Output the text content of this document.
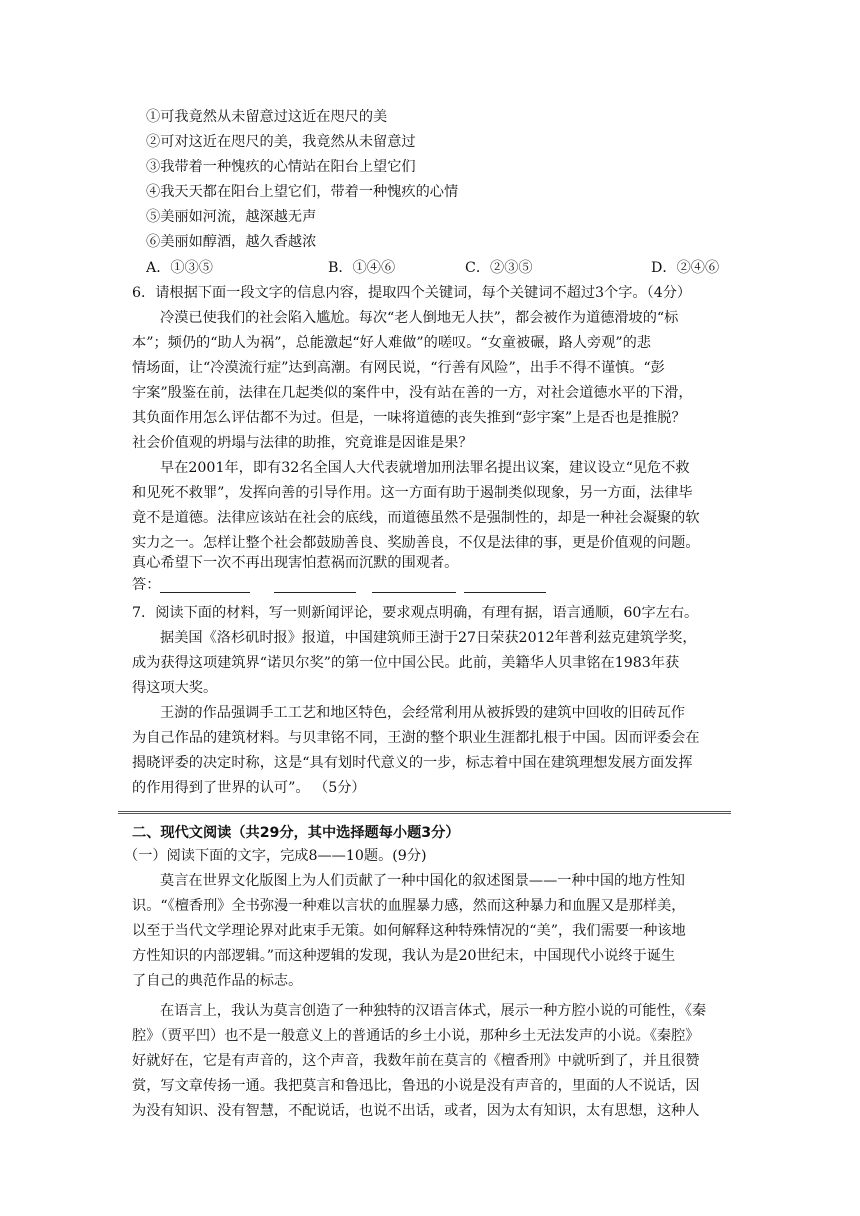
①可我竟然从未留意过这近在咫尺的美
②可对这近在咫尺的美，我竟然从未留意过
③我带着一种愧疚的心情站在阳台上望它们
④我天天都在阳台上望它们，带着一种愧疚的心情
⑤美丽如河流，越深越无声
⑥美丽如醇酒，越久香越浓
A．①③⑤	B．①④⑥	C．②③⑤	D．②④⑥
6．请根据下面一段文字的信息内容，提取四个关键词，每个关键词不超过3个字。（4分）
冷漠已使我们的社会陷入尴尬。每次“老人倒地无人扶”，都会被作为道德滑坡的“标
本”；频仍的“助人为祸”，总能激起“好人难做”的嗟叹。“女童被碾，路人旁观”的悲
情场面，让“冷漠流行症”达到高潮。有网民说，“行善有风险”，出手不得不谨慎。“彭
宇案”殷鉴在前，法律在几起类似的案件中，没有站在善的一方，对社会道德水平的下滑，
其负面作用怎么评估都不为过。但是，一味将道德的丧失推到“彭宇案”上是否也是推脱？
社会价值观的坍塌与法律的助推，究竟谁是因谁是果？
早在2001年，即有32名全国人大代表就增加刑法罪名提出议案，建议设立“见危不救
和见死不救罪”，发挥向善的引导作用。这一方面有助于遏制类似现象，另一方面，法律毕
竟不是道德。法律应该站在社会的底线，而道德虽然不是强制性的，却是一种社会凝聚的软
实力之一。怎样让整个社会都鼓励善良、奖励善良，不仅是法律的事，更是价值观的问题。
真心希望下一次不再出现害怕惹祸而沉默的围观者。
答：
7．阅读下面的材料，写一则新闻评论，要求观点明确，有理有据，语言通顺，60字左右。
据美国《洛杉矶时报》报道，中国建筑师王澍于27日荣获2012年普利兹克建筑学奖，
成为获得这项建筑界“诺贝尔奖”的第一位中国公民。此前，美籍华人贝聿铭在1983年获
得这项大奖。
王澍的作品强调手工工艺和地区特色，会经常利用从被拆毁的建筑中回收的旧砖瓦作
为自己作品的建筑材料。与贝聿铭不同，王澍的整个职业生涯都扎根于中国。因而评委会在
揭晓评委的决定时称，这是“具有划时代意义的一步，标志着中国在建筑理想发展方面发挥
的作用得到了世界的认可”。 （5分）
二、现代文阅读（共29分，其中选择题每小题3分）
（一）阅读下面的文字，完成8——10题。(9分)
莫言在世界文化版图上为人们贡献了一种中国化的叙述图景——一种中国的地方性知
识。“《檀香刑》全书弥漫一种难以言状的血腥暴力感，然而这种暴力和血腥又是那样美，
以至于当代文学理论界对此束手无策。如何解释这种特殊情况的“美”，我们需要一种该地
方性知识的内部逻辑。”而这种逻辑的发现，我认为是20世纪末，中国现代小说终于诞生
了自己的典范作品的标志。
在语言上，我认为莫言创造了一种独特的汉语言体式，展示一种方腔小说的可能性，《秦
腔》（贾平凹）也不是一般意义上的普通话的乡土小说，那种乡土无法发声的小说。《秦腔》
好就好在，它是有声音的，这个声音，我数年前在莫言的《檀香刑》中就听到了，并且很赞
赏，写文章传扬一通。我把莫言和鲁迅比，鲁迅的小说是没有声音的，里面的人不说话，因
为没有知识、没有智慧，不配说话，也说不出话，或者，因为太有知识，太有思想，这种人
